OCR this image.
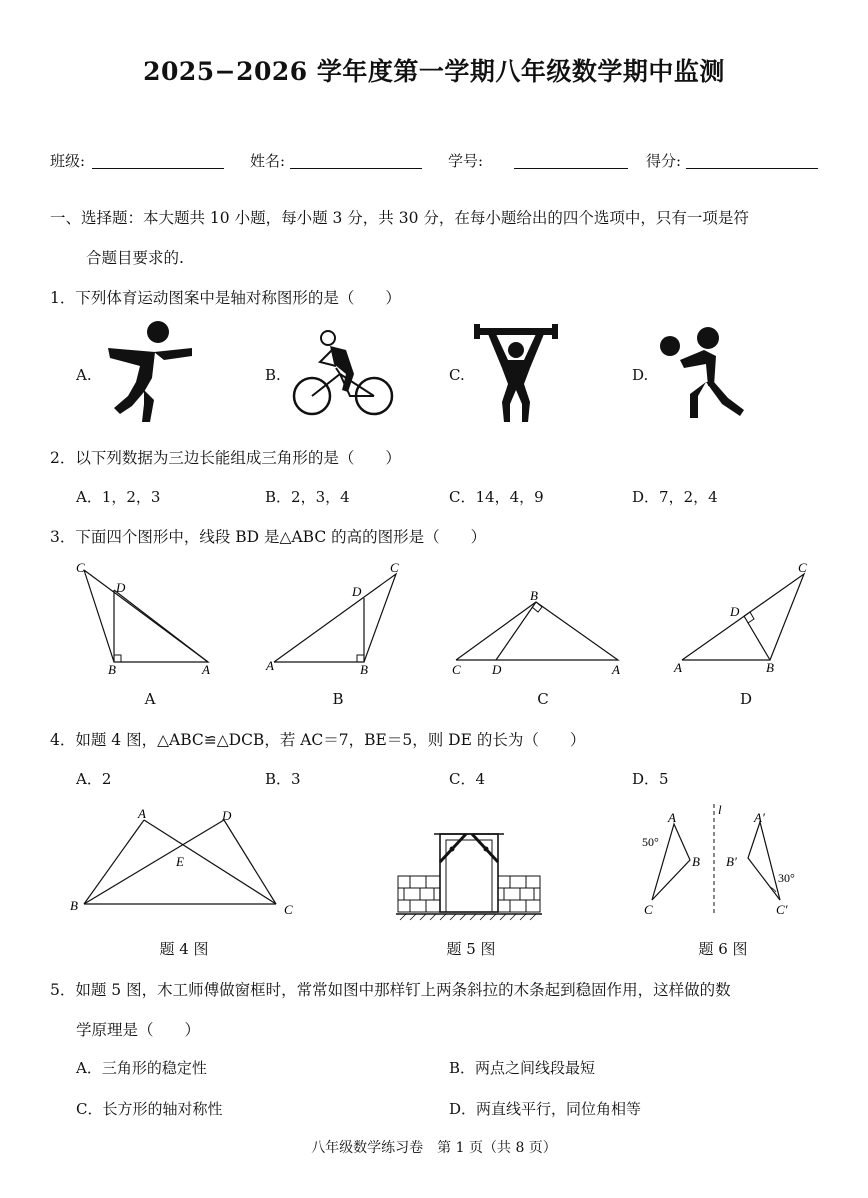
2025−2026 学年度第一学期八年级数学期中监测
班级:	姓名:	学号:	得分:
一、选择题：本大题共 10 小题，每小题 3 分，共 30 分，在每小题给出的四个选项中，只有一项是符
合题目要求的.
1．下列体育运动图案中是轴对称图形的是（　　）
A.	B.	C.	D.
2．以下列数据为三边长能组成三角形的是（　　）
A．1，2，3	B．2，3，4	C．14，4，9	D．7，2，4
3．下面四个图形中，线段 BD 是△ABC 的高的图形是（　　）
C
D
B	A
A
C
D
A	B
B
B
C D	A
C
C
D
A	B
D
4．如题 4 图，△ABC≌△DCB，若 AC＝7，BE＝5，则 DE 的长为（　　）
A．2	B．3	C．4	D．5
A	D
E
B	C
题 4 图	题 5 图
A
50°
B
C
l
A′
B′
30°
C′
题 6 图
5．如题 5 图，木工师傅做窗框时，常常如图中那样钉上两条斜拉的木条起到稳固作用，这样做的数
学原理是（　　）
A．三角形的稳定性	B．两点之间线段最短
C．长方形的轴对称性	D．两直线平行，同位角相等
八年级数学练习卷　第 1 页（共 8 页）
